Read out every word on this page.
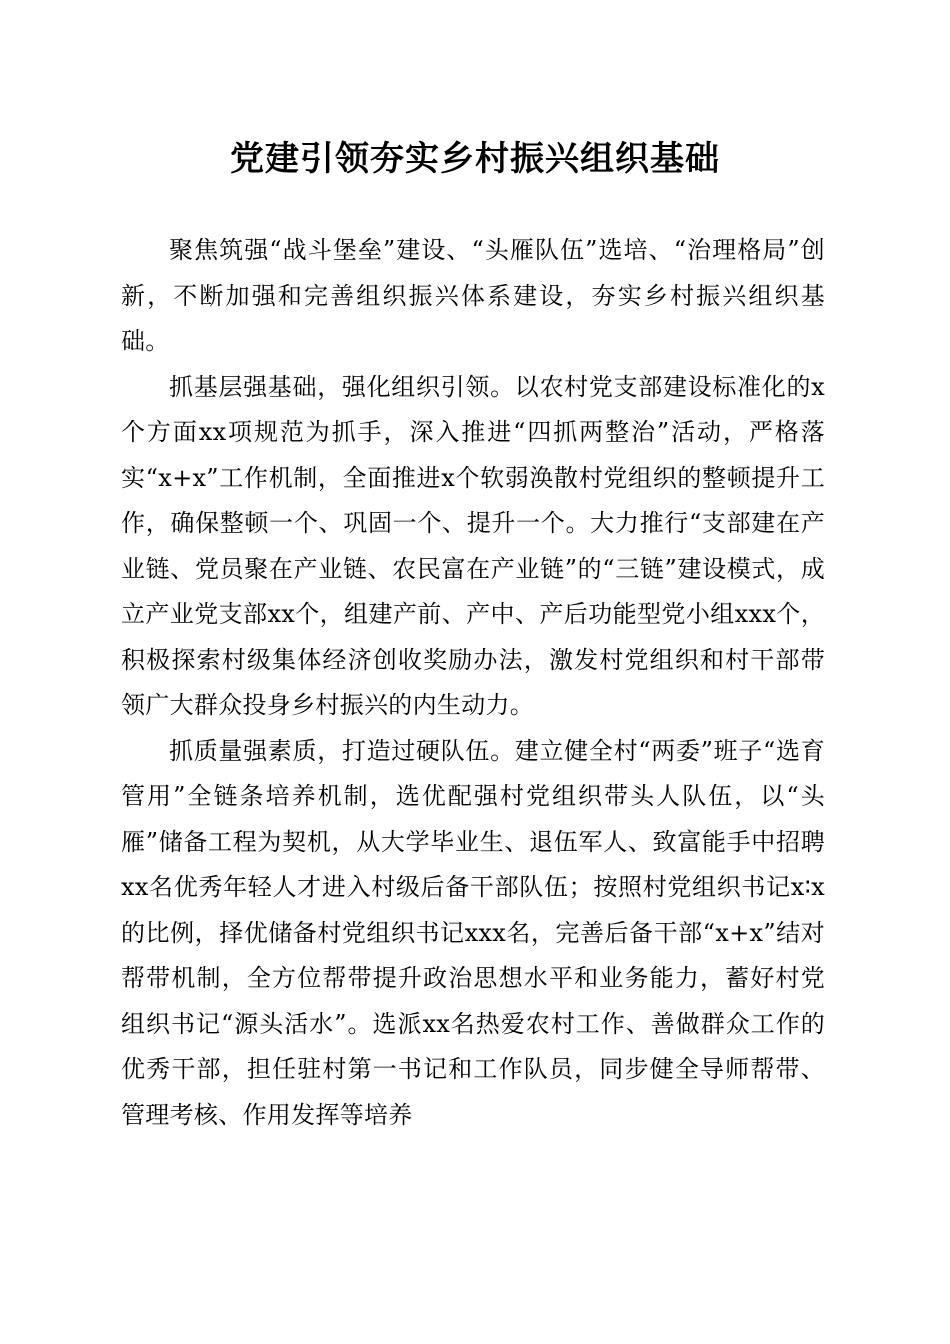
党建引领夯实乡村振兴组织基础

聚焦筑强“战斗堡垒”建设、“头雁队伍”选培、“治理格局”创新，不断加强和完善组织振兴体系建设，夯实乡村振兴组织基础。

抓基层强基础，强化组织引领。以农村党支部建设标准化的x个方面xx项规范为抓手，深入推进“四抓两整治”活动，严格落实“x+x”工作机制，全面推进x个软弱涣散村党组织的整顿提升工作，确保整顿一个、巩固一个、提升一个。大力推行“支部建在产业链、党员聚在产业链、农民富在产业链”的“三链”建设模式，成立产业党支部xx个，组建产前、产中、产后功能型党小组xxx个，积极探索村级集体经济创收奖励办法，激发村党组织和村干部带领广大群众投身乡村振兴的内生动力。

抓质量强素质，打造过硬队伍。建立健全村“两委”班子“选育管用”全链条培养机制，选优配强村党组织带头人队伍，以“头雁”储备工程为契机，从大学毕业生、退伍军人、致富能手中招聘xx名优秀年轻人才进入村级后备干部队伍；按照村党组织书记x∶x的比例，择优储备村党组织书记xxx名，完善后备干部“x+x”结对帮带机制，全方位帮带提升政治思想水平和业务能力，蓄好村党组织书记“源头活水”。选派xx名热爱农村工作、善做群众工作的优秀干部，担任驻村第一书记和工作队员，同步健全导师帮带、管理考核、作用发挥等培养
